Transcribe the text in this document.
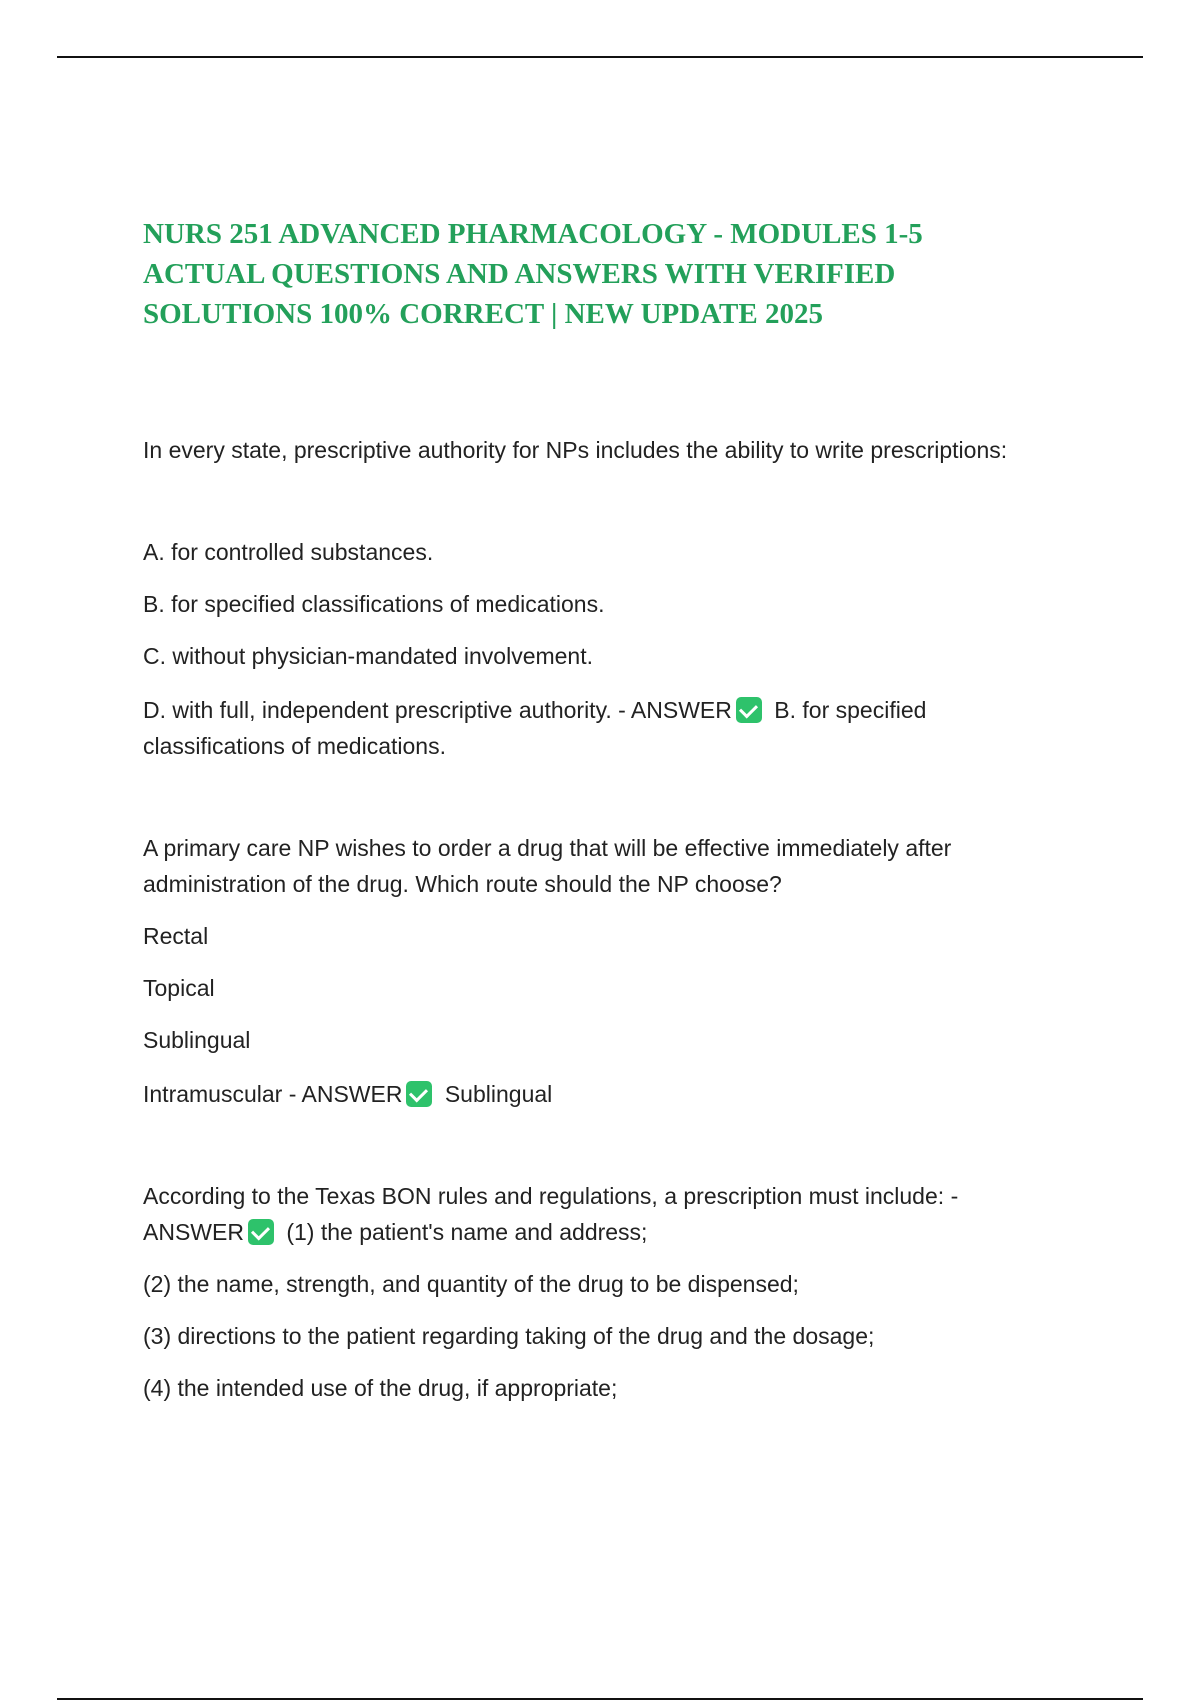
NURS 251 ADVANCED PHARMACOLOGY - MODULES 1-5 ACTUAL QUESTIONS AND ANSWERS WITH VERIFIED SOLUTIONS 100% CORRECT | NEW UPDATE 2025

In every state, prescriptive authority for NPs includes the ability to write prescriptions:

A. for controlled substances.

B. for specified classifications of medications.

C. without physician-mandated involvement.

D. with full, independent prescriptive authority. - ANSWER B. for specified classifications of medications.

A primary care NP wishes to order a drug that will be effective immediately after administration of the drug. Which route should the NP choose?

Rectal

Topical

Sublingual

Intramuscular - ANSWER Sublingual

According to the Texas BON rules and regulations, a prescription must include: - ANSWER (1) the patient's name and address;

(2) the name, strength, and quantity of the drug to be dispensed;

(3) directions to the patient regarding taking of the drug and the dosage;

(4) the intended use of the drug, if appropriate;
